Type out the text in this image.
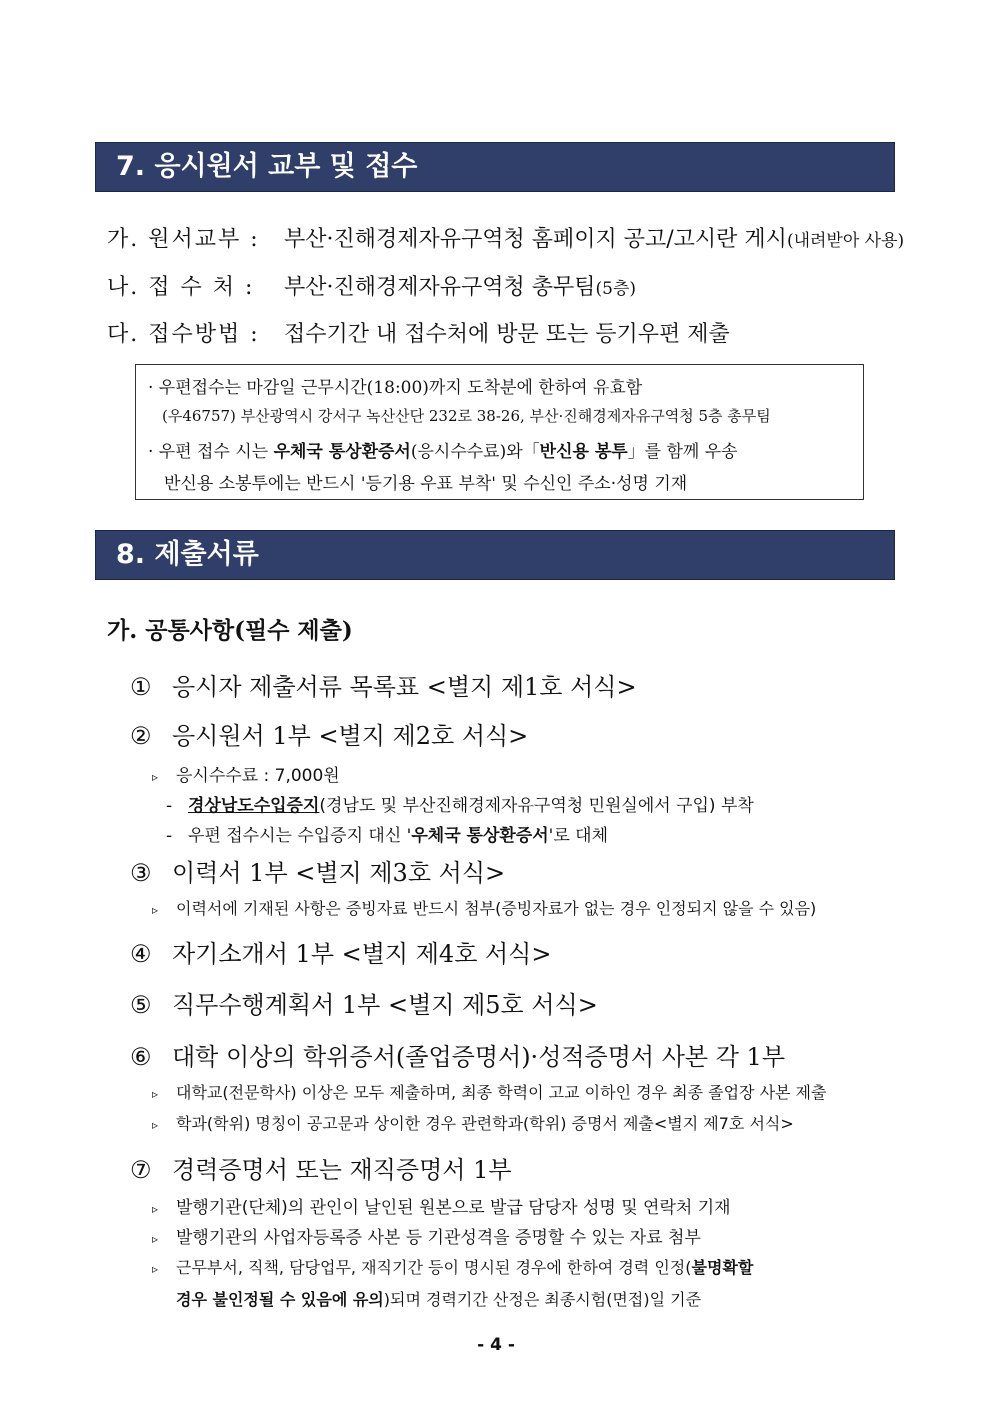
7. 응시원서 교부 및 접수
가. 원서교부 : 부산·진해경제자유구역청 홈페이지 공고/고시란 게시(내려받아 사용)
나. 접 수 처 : 부산·진해경제자유구역청 총무팀(5층)
다. 접수방법 : 접수기간 내 접수처에 방문 또는 등기우편 제출
· 우편접수는 마감일 근무시간(18:00)까지 도착분에 한하여 유효함
(우46757) 부산광역시 강서구 녹산산단 232로 38-26, 부산·진해경제자유구역청 5층 총무팀
· 우편 접수 시는 우체국 통상환증서(응시수수료)와「반신용 봉투」를 함께 우송
반신용 소봉투에는 반드시 '등기용 우표 부착' 및 수신인 주소·성명 기재
8. 제출서류
가. 공통사항(필수 제출)
① 응시자 제출서류 목록표 <별지 제1호 서식>
② 응시원서 1부 <별지 제2호 서식>
▹ 응시수수료 : 7,000원
- 경상남도수입증지(경남도 및 부산진해경제자유구역청 민원실에서 구입) 부착
- 우편 접수시는 수입증지 대신 '우체국 통상환증서'로 대체
③ 이력서 1부 <별지 제3호 서식>
▹ 이력서에 기재된 사항은 증빙자료 반드시 첨부(증빙자료가 없는 경우 인정되지 않을 수 있음)
④ 자기소개서 1부 <별지 제4호 서식>
⑤ 직무수행계획서 1부 <별지 제5호 서식>
⑥ 대학 이상의 학위증서(졸업증명서)·성적증명서 사본 각 1부
▹ 대학교(전문학사) 이상은 모두 제출하며, 최종 학력이 고교 이하인 경우 최종 졸업장 사본 제출
▹ 학과(학위) 명칭이 공고문과 상이한 경우 관련학과(학위) 증명서 제출<별지 제7호 서식>
⑦ 경력증명서 또는 재직증명서 1부
▹ 발행기관(단체)의 관인이 날인된 원본으로 발급 담당자 성명 및 연락처 기재
▹ 발행기관의 사업자등록증 사본 등 기관성격을 증명할 수 있는 자료 첨부
▹ 근무부서, 직책, 담당업무, 재직기간 등이 명시된 경우에 한하여 경력 인정(불명확할
경우 불인정될 수 있음에 유의)되며 경력기간 산정은 최종시험(면접)일 기준
- 4 -
